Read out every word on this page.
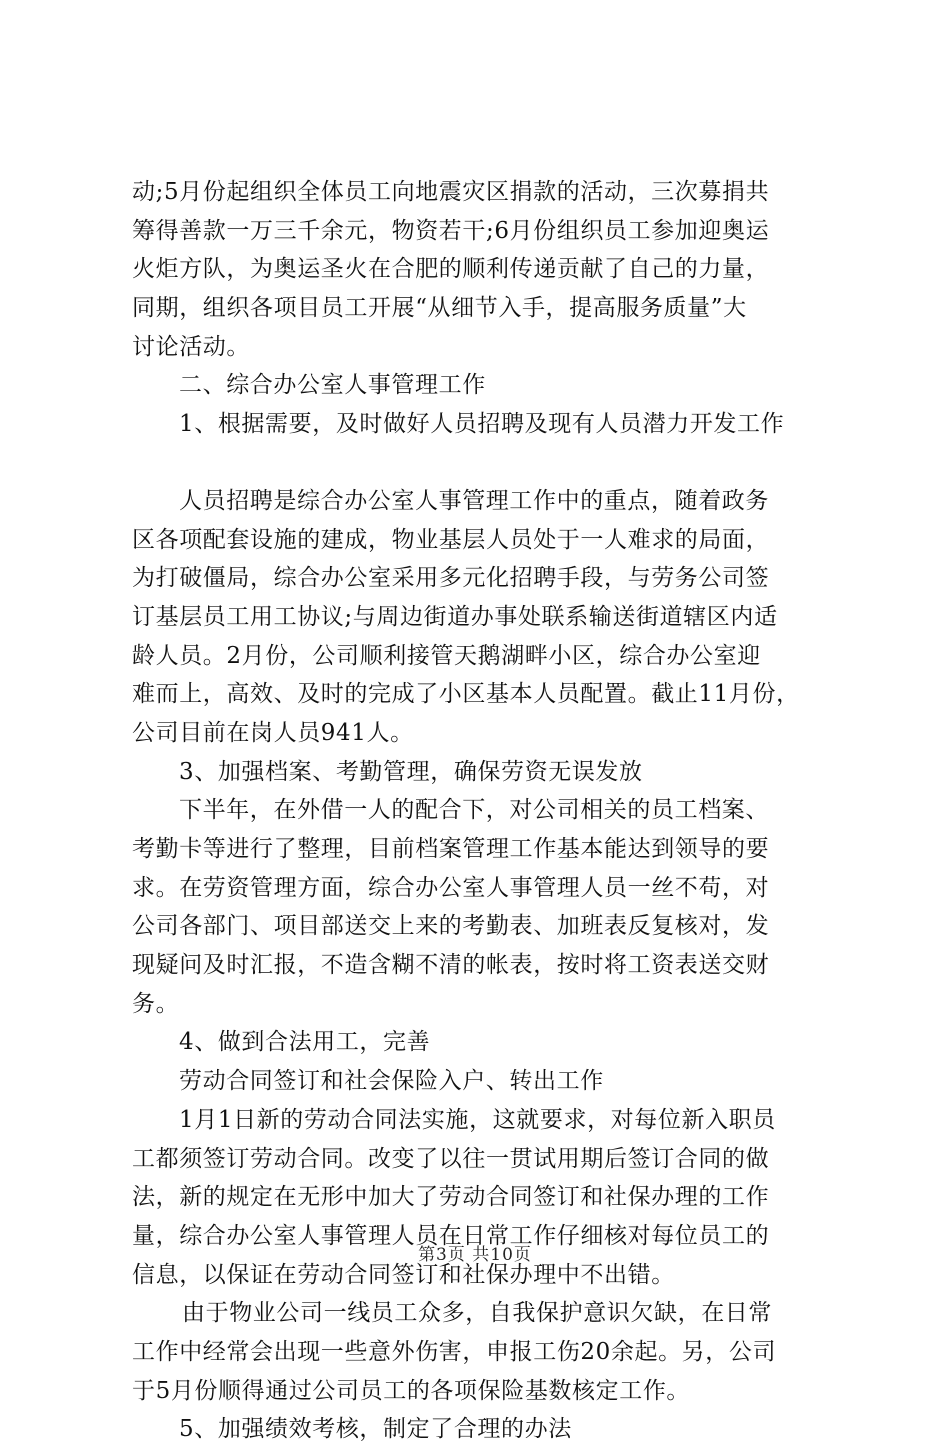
动;5月份起组织全体员工向地震灾区捐款的活动，三次募捐共
筹得善款一万三千余元，物资若干;6月份组织员工参加迎奥运
火炬方队，为奥运圣火在合肥的顺利传递贡献了自己的力量，
同期，组织各项目员工开展“从细节入手，提高服务质量”大
讨论活动。
二、综合办公室人事管理工作
1、根据需要，及时做好人员招聘及现有人员潜力开发工作
人员招聘是综合办公室人事管理工作中的重点，随着政务
区各项配套设施的建成，物业基层人员处于一人难求的局面，
为打破僵局，综合办公室采用多元化招聘手段，与劳务公司签
订基层员工用工协议;与周边街道办事处联系输送街道辖区内适
龄人员。2月份，公司顺利接管天鹅湖畔小区，综合办公室迎
难而上，高效、及时的完成了小区基本人员配置。截止11月份，
公司目前在岗人员941人。
3、加强档案、考勤管理，确保劳资无误发放
下半年，在外借一人的配合下，对公司相关的员工档案、
考勤卡等进行了整理，目前档案管理工作基本能达到领导的要
求。在劳资管理方面，综合办公室人事管理人员一丝不苟，对
公司各部门、项目部送交上来的考勤表、加班表反复核对，发
现疑问及时汇报，不造含糊不清的帐表，按时将工资表送交财
务。
4、做到合法用工，完善
劳动合同签订和社会保险入户、转出工作
1月1日新的劳动合同法实施，这就要求，对每位新入职员
工都须签订劳动合同。改变了以往一贯试用期后签订合同的做
法，新的规定在无形中加大了劳动合同签订和社保办理的工作
量，综合办公室人事管理人员在日常工作仔细核对每位员工的
信息，以保证在劳动合同签订和社保办理中不出错。
由于物业公司一线员工众多，自我保护意识欠缺，在日常
工作中经常会出现一些意外伤害，申报工伤20余起。另，公司
于5月份顺得通过公司员工的各项保险基数核定工作。
5、加强绩效考核，制定了合理的办法
第3页 共10页
